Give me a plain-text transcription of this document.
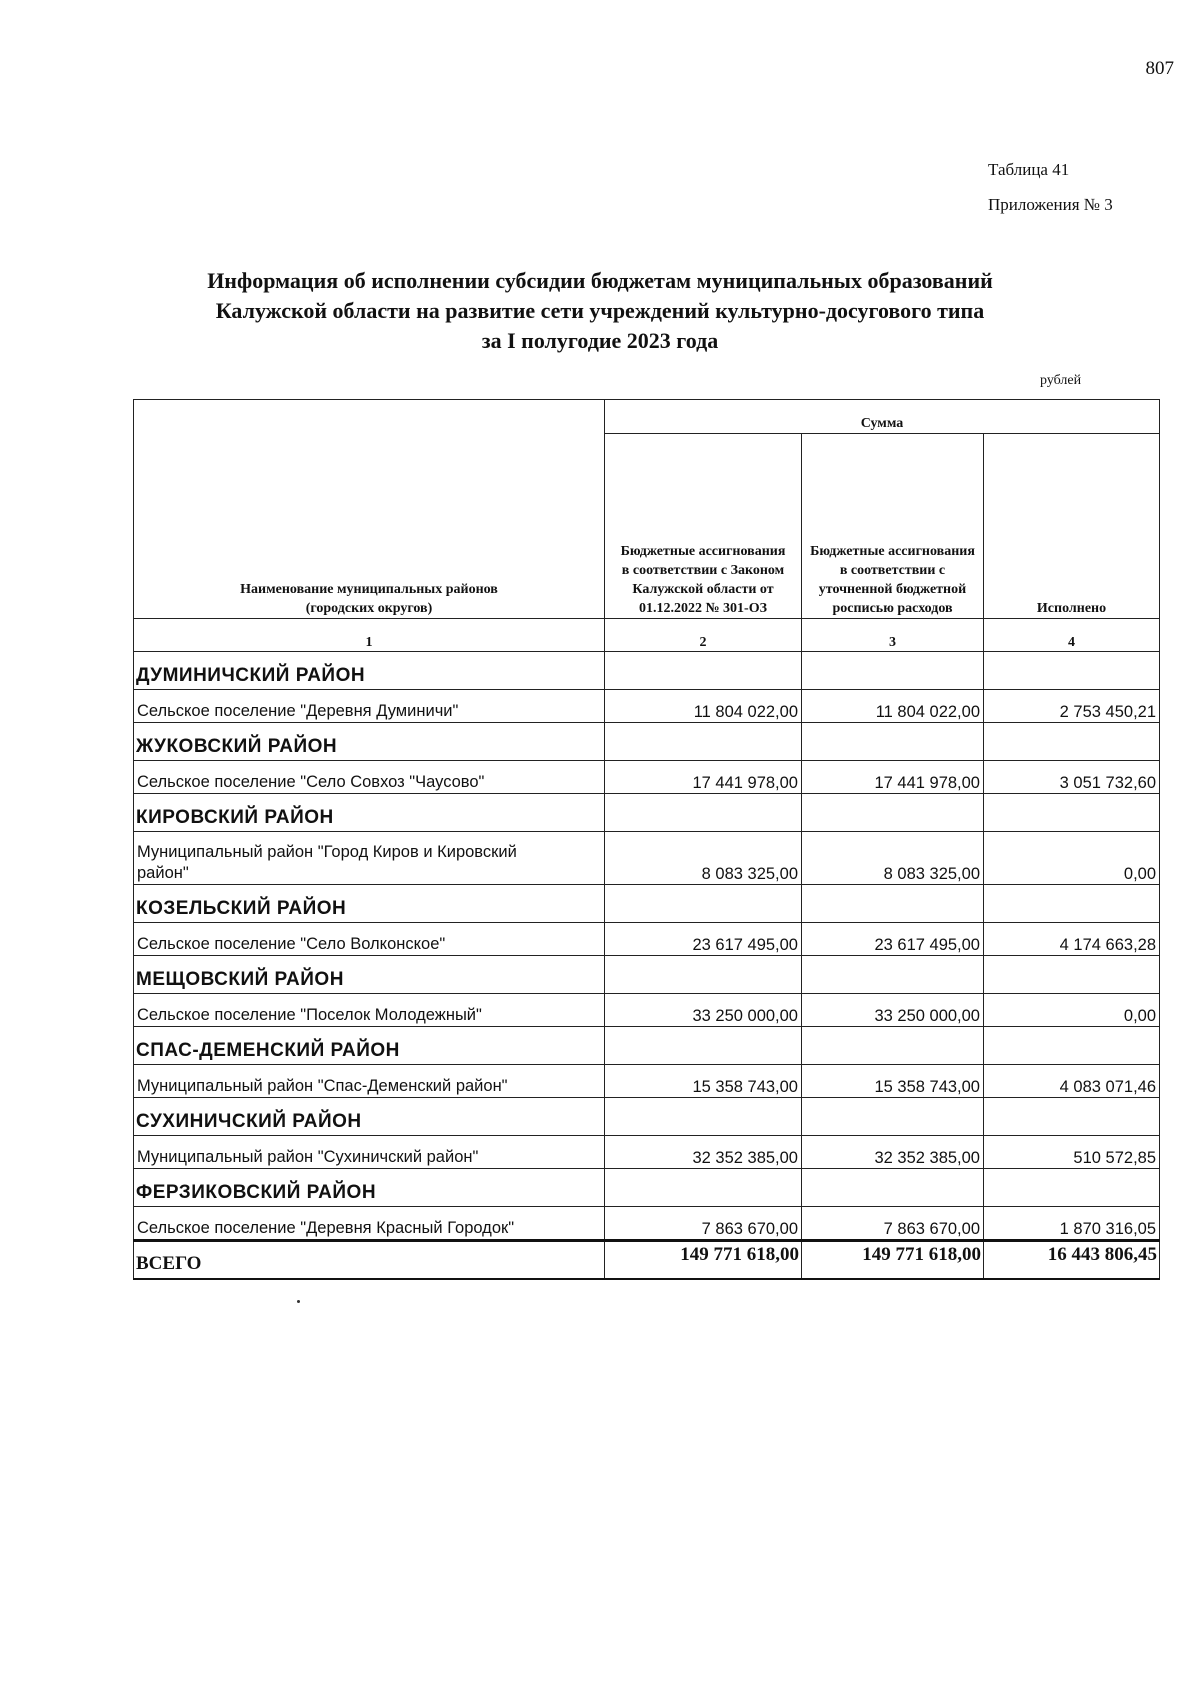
807
Таблица 41
Приложения № 3
Информация об исполнении субсидии бюджетам муниципальных образований
Калужской области на развитие сети учреждений культурно-досугового типа
за I полугодие 2023 года
рублей
Наименование муниципальных районов (городских округов)	Сумма		
	Бюджетные ассигнования в соответствии с Законом Калужской области от 01.12.2022 № 301-ОЗ	Бюджетные ассигнования в соответствии с уточненной бюджетной росписью расходов	Исполнено
1	2	3	4
ДУМИНИЧСКИЙ РАЙОН			
Сельское поселение "Деревня Думиничи"	11 804 022,00	11 804 022,00	2 753 450,21
ЖУКОВСКИЙ РАЙОН			
Сельское поселение "Село Совхоз "Чаусово"	17 441 978,00	17 441 978,00	3 051 732,60
КИРОВСКИЙ РАЙОН			
Муниципальный район "Город Киров и Кировский район"	8 083 325,00	8 083 325,00	0,00
КОЗЕЛЬСКИЙ РАЙОН			
Сельское поселение "Село Волконское"	23 617 495,00	23 617 495,00	4 174 663,28
МЕЩОВСКИЙ РАЙОН			
Сельское поселение "Поселок Молодежный"	33 250 000,00	33 250 000,00	0,00
СПАС-ДЕМЕНСКИЙ РАЙОН			
Муниципальный район "Спас-Деменский район"	15 358 743,00	15 358 743,00	4 083 071,46
СУХИНИЧСКИЙ РАЙОН			
Муниципальный район "Сухиничский район"	32 352 385,00	32 352 385,00	510 572,85
ФЕРЗИКОВСКИЙ РАЙОН			
Сельское поселение "Деревня Красный Городок"	7 863 670,00	7 863 670,00	1 870 316,05
ВСЕГО	149 771 618,00	149 771 618,00	16 443 806,45
